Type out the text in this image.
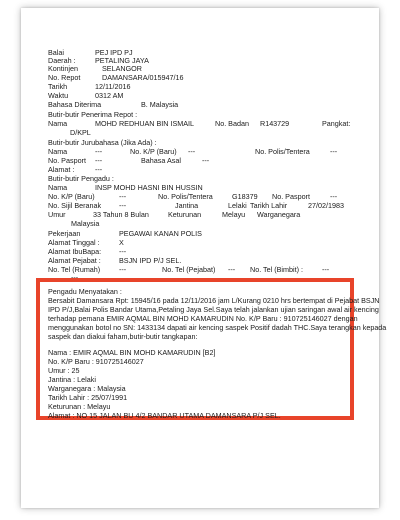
Balai	PEJ IPD PJ
Daerah :	PETALING JAYA
Kontinjen	SELANGOR
No. Repot	DAMANSARA/015947/16
Tarikh	12/11/2016
Waktu	0312 AM
Bahasa Diterima	B. Malaysia
Butir-butir Penerima Repot :
Nama	MOHD REDHUAN BIN ISMAIL	No. Badan R143729	Pangkat:
D/KPL
Butir-butir Jurubahasa (Jika Ada) :
Nama	---	No. K/P (Baru) ---	No. Polis/Tentera	---
No. Pasport ---	Bahasa Asal	---
Alamat :	---
Butir-butir Pengadu :
Nama	INSP MOHD HASNI BIN HUSSIN
No. K/P (Baru)	---	No. Polis/Tentera	G18379 No. Pasport	---
No. Sijil Beranak ---	Jantina	Lelaki Tarikh Lahir	27/02/1983
Umur	33 Tahun 8 Bulan	Keturunan	Melayu Warganegara
Malaysia
Pekerjaan	PEGAWAI KANAN POLIS
Alamat Tinggal :	X
Alamat IbuBapa: ---
Alamat Pejabat :	BSJN IPD P/J SEL.
No. Tel (Rumah)	---	No. Tel (Pejabat) --- No. Tel (Bimbit) :	---
---
Pengadu Menyatakan :
Bersabit Damansara Rpt: 15945/16 pada 12/11/2016 jam L/Kurang 0210 hrs bertempat di Pejabat BSJN
IPD P/J,Balai Polis Bandar Utama,Petaling Jaya Sel.Saya telah jalankan ujian saringan awal air kencing
terhadap pemana EMIR AQMAL BIN MOHD KAMARUDIN No. K/P Baru : 910725146027 dengan
menggunakan botol no SN: 1433134 dapati air kencing saspek Positif dadah THC.Saya terangkan kepada
saspek dan diakui faham,butir-butir tangkapan:
Nama : EMIR AQMAL BIN MOHD KAMARUDIN [B2]
No. K/P Baru : 910725146027
Umur : 25
Jantina : Lelaki
Warganegara : Malaysia
Tarikh Lahir : 25/07/1991
Keturunan : Melayu
Alamat : NO 15 JALAN BU 4/2 BANDAR UTAMA DAMANSARA P/J SEL.
